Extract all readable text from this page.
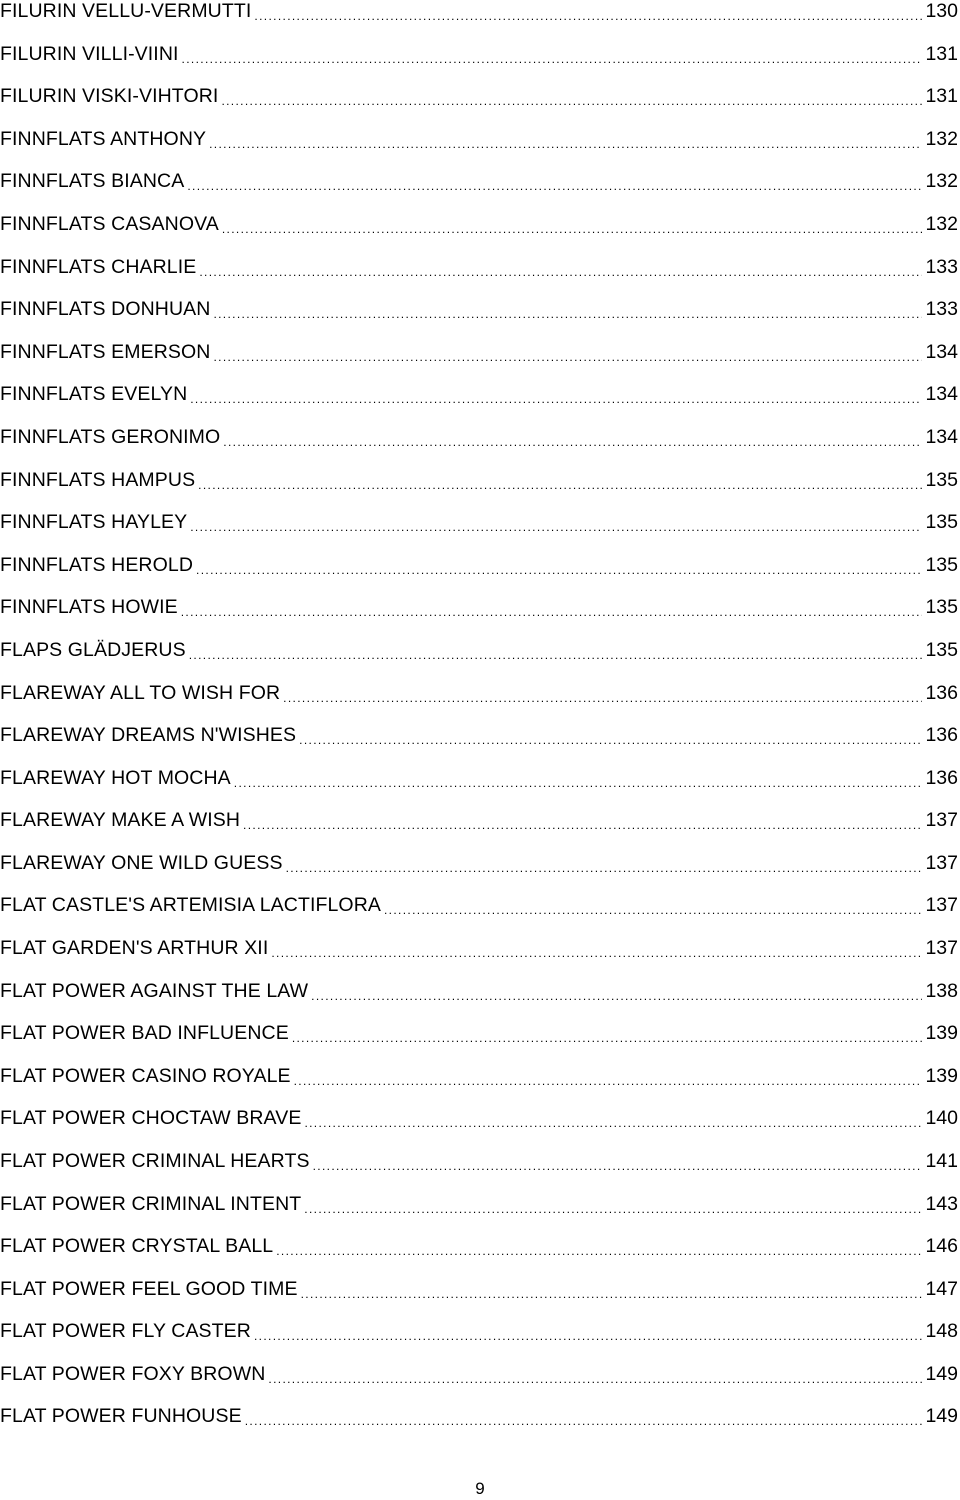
FILURIN VELLU-VERMUTTI .....	130
FILURIN VILLI-VIINI .....	131
FILURIN VISKI-VIHTORI .....	131
FINNFLATS ANTHONY .....	132
FINNFLATS BIANCA .....	132
FINNFLATS CASANOVA .....	132
FINNFLATS CHARLIE .....	133
FINNFLATS DONHUAN .....	133
FINNFLATS EMERSON .....	134
FINNFLATS EVELYN .....	134
FINNFLATS GERONIMO .....	134
FINNFLATS HAMPUS .....	135
FINNFLATS HAYLEY .....	135
FINNFLATS HEROLD .....	135
FINNFLATS HOWIE .....	135
FLAPS GLÄDJERUS .....	135
FLAREWAY ALL TO WISH FOR .....	136
FLAREWAY DREAMS N'WISHES .....	136
FLAREWAY HOT MOCHA .....	136
FLAREWAY MAKE A WISH .....	137
FLAREWAY ONE WILD GUESS .....	137
FLAT CASTLE'S ARTEMISIA LACTIFLORA .....	137
FLAT GARDEN'S ARTHUR XII .....	137
FLAT POWER AGAINST THE LAW .....	138
FLAT POWER BAD INFLUENCE .....	139
FLAT POWER CASINO ROYALE .....	139
FLAT POWER CHOCTAW BRAVE .....	140
FLAT POWER CRIMINAL HEARTS .....	141
FLAT POWER CRIMINAL INTENT .....	143
FLAT POWER CRYSTAL BALL .....	146
FLAT POWER FEEL GOOD TIME .....	147
FLAT POWER FLY CASTER .....	148
FLAT POWER FOXY BROWN .....	149
FLAT POWER FUNHOUSE .....	149
9
